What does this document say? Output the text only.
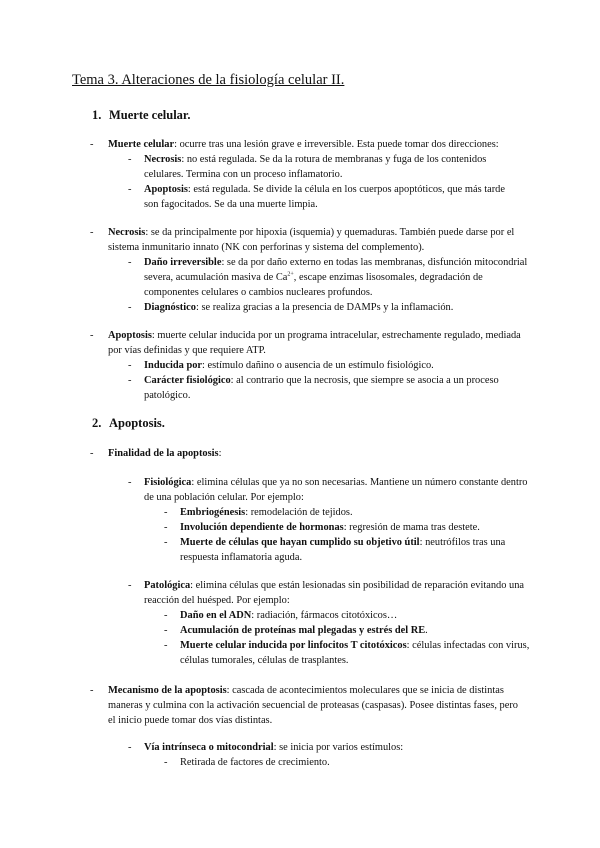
Tema 3. Alteraciones de la fisiología celular II.
1. Muerte celular.
- Muerte celular: ocurre tras una lesión grave e irreversible. Esta puede tomar dos direcciones:
- Necrosis: no está regulada. Se da la rotura de membranas y fuga de los contenidos celulares. Termina con un proceso inflamatorio.
- Apoptosis: está regulada. Se divide la célula en los cuerpos apoptóticos, que más tarde son fagocitados. Se da una muerte limpia.
- Necrosis: se da principalmente por hipoxia (isquemia) y quemaduras. También puede darse por el sistema inmunitario innato (NK con perforinas y sistema del complemento).
- Daño irreversible: se da por daño externo en todas las membranas, disfunción mitocondrial severa, acumulación masiva de $Ca^{2+}$, escape enzimas lisosomales, degradación de componentes celulares o cambios nucleares profundos.
- Diagnóstico: se realiza gracias a la presencia de DAMPs y la inflamación.
- Apoptosis: muerte celular inducida por un programa intracelular, estrechamente regulado, mediada por vías definidas y que requiere ATP.
- Inducida por: estímulo dañino o ausencia de un estímulo fisiológico.
- Carácter fisiológico: al contrario que la necrosis, que siempre se asocia a un proceso patológico.
2. Apoptosis.
- Finalidad de la apoptosis:
- Fisiológica: elimina células que ya no son necesarias. Mantiene un número constante dentro de una población celular. Por ejemplo:
- Embriogénesis: remodelación de tejidos.
- Involución dependiente de hormonas: regresión de mama tras destete.
- Muerte de células que hayan cumplido su objetivo útil: neutrófilos tras una respuesta inflamatoria aguda.
- Patológica: elimina células que están lesionadas sin posibilidad de reparación evitando una reacción del huésped. Por ejemplo:
- Daño en el ADN: radiación, fármacos citotóxicos…
- Acumulación de proteínas mal plegadas y estrés del RE.
- Muerte celular inducida por linfocitos T citotóxicos: células infectadas con virus, células tumorales, células de trasplantes.
- Mecanismo de la apoptosis: cascada de acontecimientos moleculares que se inicia de distintas maneras y culmina con la activación secuencial de proteasas (caspasas). Posee distintas fases, pero el inicio puede tomar dos vías distintas.
- Vía intrínseca o mitocondrial: se inicia por varios estímulos:
- Retirada de factores de crecimiento.
